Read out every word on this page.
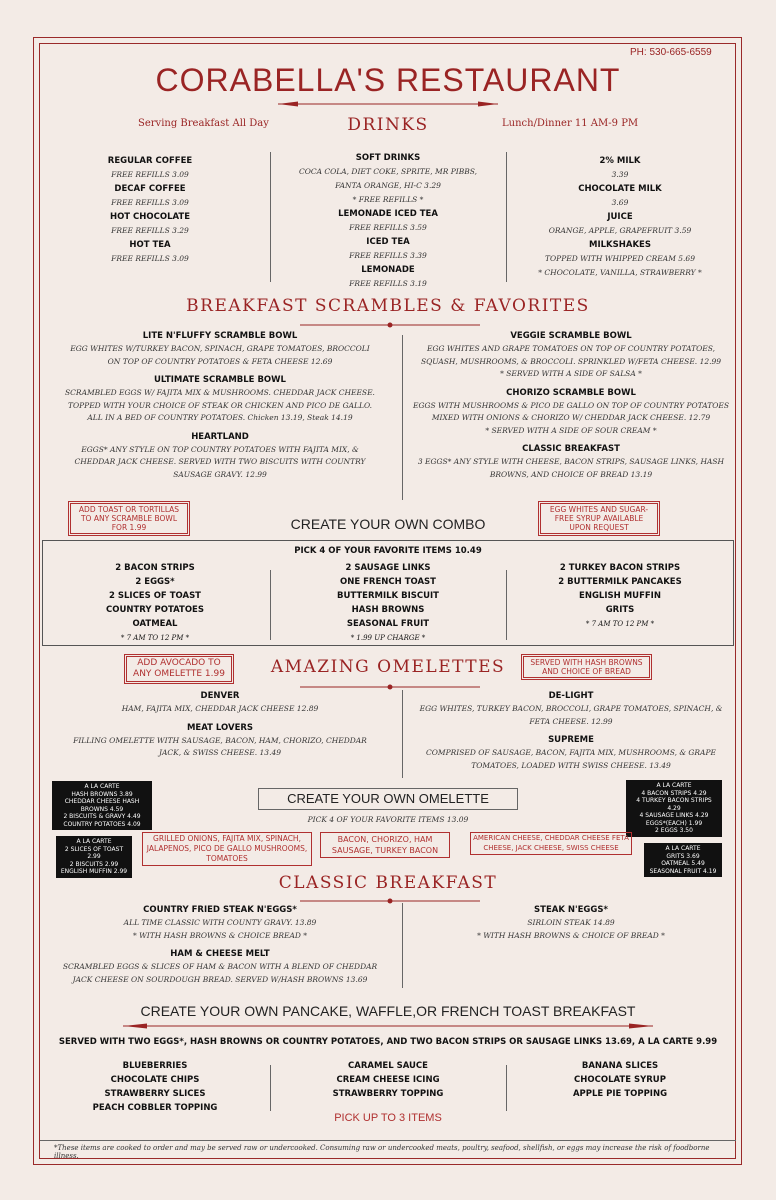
PH: 530-665-6559
CORABELLA'S RESTAURANT
Serving Breakfast All Day	DRINKS	Lunch/Dinner 11 AM-9 PM
REGULAR COFFEE
FREE REFILLS 3.09
DECAF COFFEE
FREE REFILLS 3.09
HOT CHOCOLATE
FREE REFILLS 3.29
HOT TEA
FREE REFILLS 3.09
SOFT DRINKS
COCA COLA, DIET COKE, SPRITE, MR PIBBS,
FANTA ORANGE, HI-C 3.29
* FREE REFILLS *
LEMONADE ICED TEA
FREE REFILLS 3.59
ICED TEA
FREE REFILLS 3.39
LEMONADE
FREE REFILLS 3.19
2% MILK
3.39
CHOCOLATE MILK
3.69
JUICE
ORANGE, APPLE, GRAPEFRUIT 3.59
MILKSHAKES
TOPPED WITH WHIPPED CREAM 5.69
* CHOCOLATE, VANILLA, STRAWBERRY *
BREAKFAST SCRAMBLES & FAVORITES
LITE N'FLUFFY SCRAMBLE BOWL
EGG WHITES W/TURKEY BACON, SPINACH, GRAPE TOMATOES, BROCCOLI
ON TOP OF COUNTRY POTATOES & FETA CHEESE 12.69
ULTIMATE SCRAMBLE BOWL
SCRAMBLED EGGS W/ FAJITA MIX & MUSHROOMS. CHEDDAR JACK CHEESE.
TOPPED WITH YOUR CHOICE OF STEAK OR CHICKEN AND PICO DE GALLO.
ALL IN A BED OF COUNTRY POTATOES. Chicken 13.19, Steak 14.19
HEARTLAND
EGGS* ANY STYLE ON TOP COUNTRY POTATOES WITH FAJITA MIX, &
CHEDDAR JACK CHEESE. SERVED WITH TWO BISCUITS WITH COUNTRY
SAUSAGE GRAVY. 12.99
VEGGIE SCRAMBLE BOWL
EGG WHITES AND GRAPE TOMATOES ON TOP OF COUNTRY POTATOES,
SQUASH, MUSHROOMS, & BROCCOLI. SPRINKLED W/FETA CHEESE. 12.99
* SERVED WITH A SIDE OF SALSA *
CHORIZO SCRAMBLE BOWL
EGGS WITH MUSHROOMS & PICO DE GALLO ON TOP OF COUNTRY POTATOES
MIXED WITH ONIONS & CHORIZO W/ CHEDDAR JACK CHEESE. 12.79
* SERVED WITH A SIDE OF SOUR CREAM *
CLASSIC BREAKFAST
3 EGGS* ANY STYLE WITH CHEESE, BACON STRIPS, SAUSAGE LINKS, HASH
BROWNS, AND CHOICE OF BREAD 13.19
ADD TOAST OR TORTILLAS TO ANY SCRAMBLE BOWL FOR 1.99	CREATE YOUR OWN COMBO
EGG WHITES AND SUGAR-FREE SYRUP AVAILABLE UPON REQUEST
PICK 4 OF YOUR FAVORITE ITEMS 10.49
2 BACON STRIPS
2 EGGS*
2 SLICES OF TOAST
COUNTRY POTATOES
OATMEAL
* 7 AM TO 12 PM *
2 SAUSAGE LINKS
ONE FRENCH TOAST
BUTTERMILK BISCUIT
HASH BROWNS
SEASONAL FRUIT
* 1.99 UP CHARGE *
2 TURKEY BACON STRIPS
2 BUTTERMILK PANCAKES
ENGLISH MUFFIN
GRITS
* 7 AM TO 12 PM *
ADD AVOCADO TO ANY OMELETTE 1.99	AMAZING OMELETTES	SERVED WITH HASH BROWNS AND CHOICE OF BREAD
DENVER
HAM, FAJITA MIX, CHEDDAR JACK CHEESE 12.89
MEAT LOVERS
FILLING OMELETTE WITH SAUSAGE, BACON, HAM, CHORIZO, CHEDDAR
JACK, & SWISS CHEESE. 13.49
DE-LIGHT
EGG WHITES, TURKEY BACON, BROCCOLI, GRAPE TOMATOES, SPINACH, &
FETA CHEESE. 12.99
SUPREME
COMPRISED OF SAUSAGE, BACON, FAJITA MIX, MUSHROOMS, & GRAPE
TOMATOES, LOADED WITH SWISS CHEESE. 13.49
A LA CARTE
HASH BROWNS 3.89
CHEDDAR CHEESE HASH BROWNS 4.59
2 BISCUITS & GRAVY 4.49
COUNTRY POTATOES 4.09
A LA CARTE
2 SLICES OF TOAST 2.99
2 BISCUITS 2.99
ENGLISH MUFFIN 2.99
A LA CARTE
4 BACON STRIPS 4.29
4 TURKEY BACON STRIPS 4.29
4 SAUSAGE LINKS 4.29
EGGS*(EACH) 1.99
2 EGGS 3.50
A LA CARTE
GRITS 3.69
OATMEAL 5.49
SEASONAL FRUIT 4.19
CREATE YOUR OWN OMELETTE
PICK 4 OF YOUR FAVORITE ITEMS 13.09
GRILLED ONIONS, FAJITA MIX, SPINACH, JALAPENOS, PICO DE GALLO MUSHROOMS, TOMATOES
BACON, CHORIZO, HAM SAUSAGE, TURKEY BACON
AMERICAN CHEESE, CHEDDAR CHEESE FETA CHEESE, JACK CHEESE, SWISS CHEESE
CLASSIC BREAKFAST
COUNTRY FRIED STEAK N'EGGS*
ALL TIME CLASSIC WITH COUNTY GRAVY. 13.89
* WITH HASH BROWNS & CHOICE BREAD *
HAM & CHEESE MELT
SCRAMBLED EGGS & SLICES OF HAM & BACON WITH A BLEND OF CHEDDAR
JACK CHEESE ON SOURDOUGH BREAD. SERVED W/HASH BROWNS 13.69
STEAK N'EGGS*
SIRLOIN STEAK 14.89
* WITH HASH BROWNS & CHOICE OF BREAD *
CREATE YOUR OWN PANCAKE, WAFFLE,OR FRENCH TOAST BREAKFAST
SERVED WITH TWO EGGS*, HASH BROWNS OR COUNTRY POTATOES, AND TWO BACON STRIPS OR SAUSAGE LINKS 13.69, A LA CARTE 9.99
BLUEBERRIES
CHOCOLATE CHIPS
STRAWBERRY SLICES
PEACH COBBLER TOPPING
CARAMEL SAUCE
CREAM CHEESE ICING
STRAWBERRY TOPPING
BANANA SLICES
CHOCOLATE SYRUP
APPLE PIE TOPPING
PICK UP TO 3 ITEMS
*These items are cooked to order and may be served raw or undercooked. Consuming raw or undercooked meats, poultry, seafood, shellfish, or eggs may increase the risk of foodborne illness.
